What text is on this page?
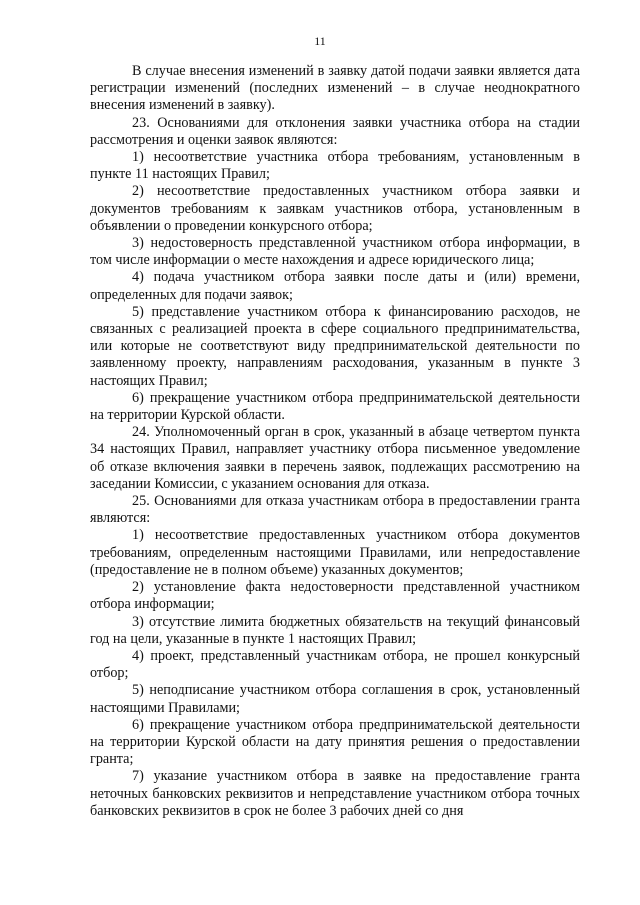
11

В случае внесения изменений в заявку датой подачи заявки является дата регистрации изменений (последних изменений – в случае неоднократного внесения изменений в заявку).

23. Основаниями для отклонения заявки участника отбора на стадии рассмотрения и оценки заявок являются:

1) несоответствие участника отбора требованиям, установленным в пункте 11 настоящих Правил;

2) несоответствие предоставленных участником отбора заявки и документов требованиям к заявкам участников отбора, установленным в объявлении о проведении конкурсного отбора;

3) недостоверность представленной участником отбора информации, в том числе информации о месте нахождения и адресе юридического лица;

4) подача участником отбора заявки после даты и (или) времени, определенных для подачи заявок;

5) представление участником отбора к финансированию расходов, не связанных с реализацией проекта в сфере социального предпринимательства, или которые не соответствуют виду предпринимательской деятельности по заявленному проекту, направлениям расходования, указанным в пункте 3 настоящих Правил;

6) прекращение участником отбора предпринимательской деятельности на территории Курской области.

24. Уполномоченный орган в срок, указанный в абзаце четвертом пункта 34 настоящих Правил, направляет участнику отбора письменное уведомление об отказе включения заявки в перечень заявок, подлежащих рассмотрению на заседании Комиссии, с указанием основания для отказа.

25. Основаниями для отказа участникам отбора в предоставлении гранта являются:

1) несоответствие предоставленных участником отбора документов требованиям, определенным настоящими Правилами, или непредоставление (предоставление не в полном объеме) указанных документов;

2) установление факта недостоверности представленной участником отбора информации;

3) отсутствие лимита бюджетных обязательств на текущий финансовый год на цели, указанные в пункте 1 настоящих Правил;

4) проект, представленный участникам отбора, не прошел конкурсный отбор;

5) неподписание участником отбора соглашения в срок, установленный настоящими Правилами;

6) прекращение участником отбора предпринимательской деятельности на территории Курской области на дату принятия решения о предоставлении гранта;

7) указание участником отбора в заявке на предоставление гранта неточных банковских реквизитов и непредставление участником отбора точных банковских реквизитов в срок не более 3 рабочих дней со дня
